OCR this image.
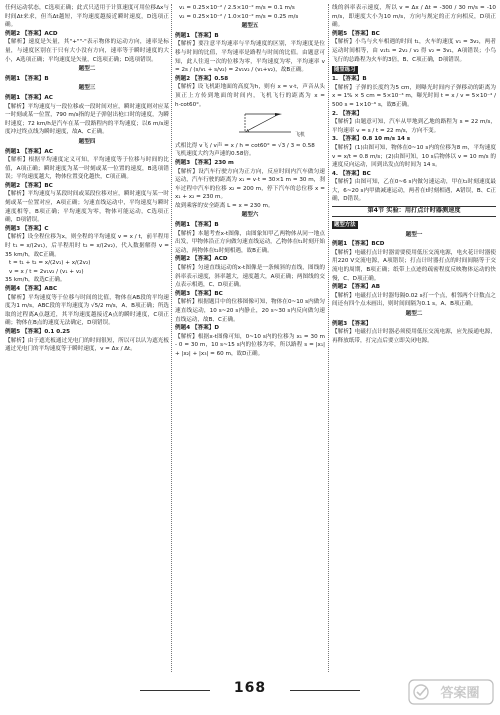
任何运动状态，C选项正确；此式只适用于计算速度可用位移Δx与时间Δt来求，但当Δt越短，平均速度越接近瞬时速度，D选项正确。
例题2 【答案】ACD
【解析】速度是矢量，其"+""-"表示物体的运动方向，速率是标量，与速度区别在于只有大小没有方向，速率等于瞬时速度的大小，A选项正确；平均速度是矢量，C选项正确；D选项错误。
题型二
例题1 【答案】B
题型三
例题1 【答案】AC
【解析】平均速度与一段位移或一段时间对应，瞬时速度则对应某一时刻或某一位置，790 m/s指的是子弹射出枪口时的速度，为瞬时速度；72 km/h是汽车在某一段路程内的平均速度；以6 m/s速度冲过终点线为瞬时速度，故A、C正确。
题型四
例题1 【答案】AC
【解析】根据平均速度定义可知，平均速度等于位移与时间的比值，A项正确；瞬时速度为某一时刻或某一位置的速度，B选项错误；平均速度越大，物体位置变化越快，C项正确。
例题2 【答案】BC
【解析】平均速度与某段时间或某段位移对应，瞬时速度与某一时刻或某一位置对应，A项正确；匀速直线运动中，平均速度与瞬时速度相等，B项正确；平均速度为零，物体可能运动，C选项正确，D项错误。
例题3 【答案】C
【解析】设全程位移为x，则全程的平均速度 v = x / t，前半程用时 t₁ = x/(2v₁)，后半程用时 t₂ = x/(2v₂)，代入数据解得 v = 35 km/h，故C正确。
t = t₁ + t₂ = x/(2v₁) + x/(2v₂)
v = x / t = 2v₁v₂ / (v₁ + v₂)
35 km/h，故选C正确。
例题4 【答案】ABC
【解析】平均速度等于位移与时间的比值，物体在AB段的平均速度为1 m/s，ABC段的平均速度为 √5/2 m/s，A、B项正确；所选取的过程离A点越近，其平均速度越接近A点的瞬时速度，C项正确；物体在B点的速度无法确定，D项错误。
例题5 【答案】0.1 0.25
【解析】由于遮光板通过光电门的时间很短，所以可以认为遮光板通过光电门的平均速度等于瞬时速度，v = Δx / Δt。
v₁ = 0.25×10⁻² / 2.5×10⁻² m/s = 0.1 m/s
v₂ = 0.25×10⁻² / 1.0×10⁻² m/s = 0.25 m/s
题型五
例题1 【答案】B
【解析】要注意平均速率与平均速度的区别，平均速度是位移与时间的比值，平均速率是路程与时间的比值。由题意可知，此人往返一次的位移为零，平均速度为零，平均速率 v = 2s / (s/v₁ + s/v₂) = 2v₁v₂ / (v₁+v₂)，故B正确。
例题2 【答案】0.58
【解析】设飞机距地面的高度为h，则有 x = v·t，声音从头顶正上方传到地面的时间内，飞机飞行的距离为 x = h·cot60°。
飞机
式相比得 v飞 / v声 = x / h = cot60° = √3 / 3 ≈ 0.58
飞机速度大约为声速的0.58倍。
例题3 【答案】230 m
【解析】设汽车行驶方向为正方向，反应时间内汽车做匀速运动，汽车行驶的距离为 x₁ = v·t = 30×1 m = 30 m，刹车过程中汽车的位移 x₂ = 200 m，停下汽车的总位移 x = x₁ + x₂ = 230 m。
故到乘客的安全距离 L = x = 230 m。
题型六
例题1 【答案】B
【解析】本题考查x-t图像，由图象知甲乙两物体从同一地点出发，甲物体沿正方向做匀速直线运动，乙物体在t₁时刻开始运动，两物体在t₂时刻相遇，故B正确。
例题2 【答案】ACD
【解析】匀速直线运动的x-t图像是一条倾斜的直线，图线的斜率表示速度，斜率越大，速度越大，A项正确；两图线的交点表示相遇，C、D项正确。
例题3 【答案】BC
【解析】根据题目中的位移图像可知，物体在0~10 s内做匀速直线运动，10 s~20 s内静止，20 s~30 s内反向做匀速直线运动，故B、C正确。
例题4 【答案】D
【解析】根据x-t图像可知，0~10 s内的位移为 x₁ = 30 m - 0 = 30 m，10 s~15 s内的位移为零，所以路程 s = |x₁| + |x₂| + |x₃| = 60 m，故D正确。
线的斜率表示速度，所以 v = Δx / Δt = -300 / 30 m/s = -10 m/s，即速度大小为10 m/s，方向与规定的正方向相反，D项正确。
例题5 【答案】BC
【解析】小鸟与火车相遇的时间 t₁，火车的速度 v₁ = 3v₂，两者运动时间相等，由 v₁t₁ = 2v₂ / v₂ 得 v₂ = 3v₁，A项错误；小鸟飞行的总路程为火车的3倍，B、C项正确，D项错误。
随堂练习
1. 【答案】B
【解析】子弹的长度约为5 cm，则曝光时间内子弹移动的距离为 x = 1% × 5 cm = 5×10⁻⁴ m，曝光时间 t = x / v = 5×10⁻⁴ / 500 s = 1×10⁻⁶ s，故B正确。
2. 【答案】
【解析】由题意可知，汽车从甲地到乙地的路程为 s = 22 m/s，平均速率 v = s / t = 22 m/s，方向不变。
3. 【答案】0.8 10 m/s 14 s
【解析】(1)由图可知，物体在0~10 s内的位移为8 m，平均速度 v = x/t = 0.8 m/s；(2)由图可知，10 s后物体以 v = 10 m/s 的速度反向运动，回到出发点的时间为 14 s。
4. 【答案】BC
【解析】由图可知，乙在0~6 s内做匀速运动，甲在t₂时刻速度最大，6~20 s内甲做减速运动，两者在t时刻相遇，A错误，B、C正确，D错误。
第4节 实验：用打点计时器测速度
题型方法
题型一
例题1 【答案】BCD
【解析】电磁打点计时器需要使用低压交流电源，电火花计时器使用220 V交流电源，A项错误；打点计时器打点的时间间隔等于交流电的周期，B项正确；纸带上点迹的疏密程度反映物体运动的快慢，C、D项正确。
例题2 【答案】AB
【解析】电磁打点计时器每隔0.02 s打一个点，相邻两个计数点之间还有四个点未画出，则时间间隔为0.1 s，A、B项正确。
题型二
例题3 【答案】
【解析】电磁打点计时器必须使用低压交流电源，应先接通电源，再释放纸带，打完点后要立即关闭电源。
168	答案圈
